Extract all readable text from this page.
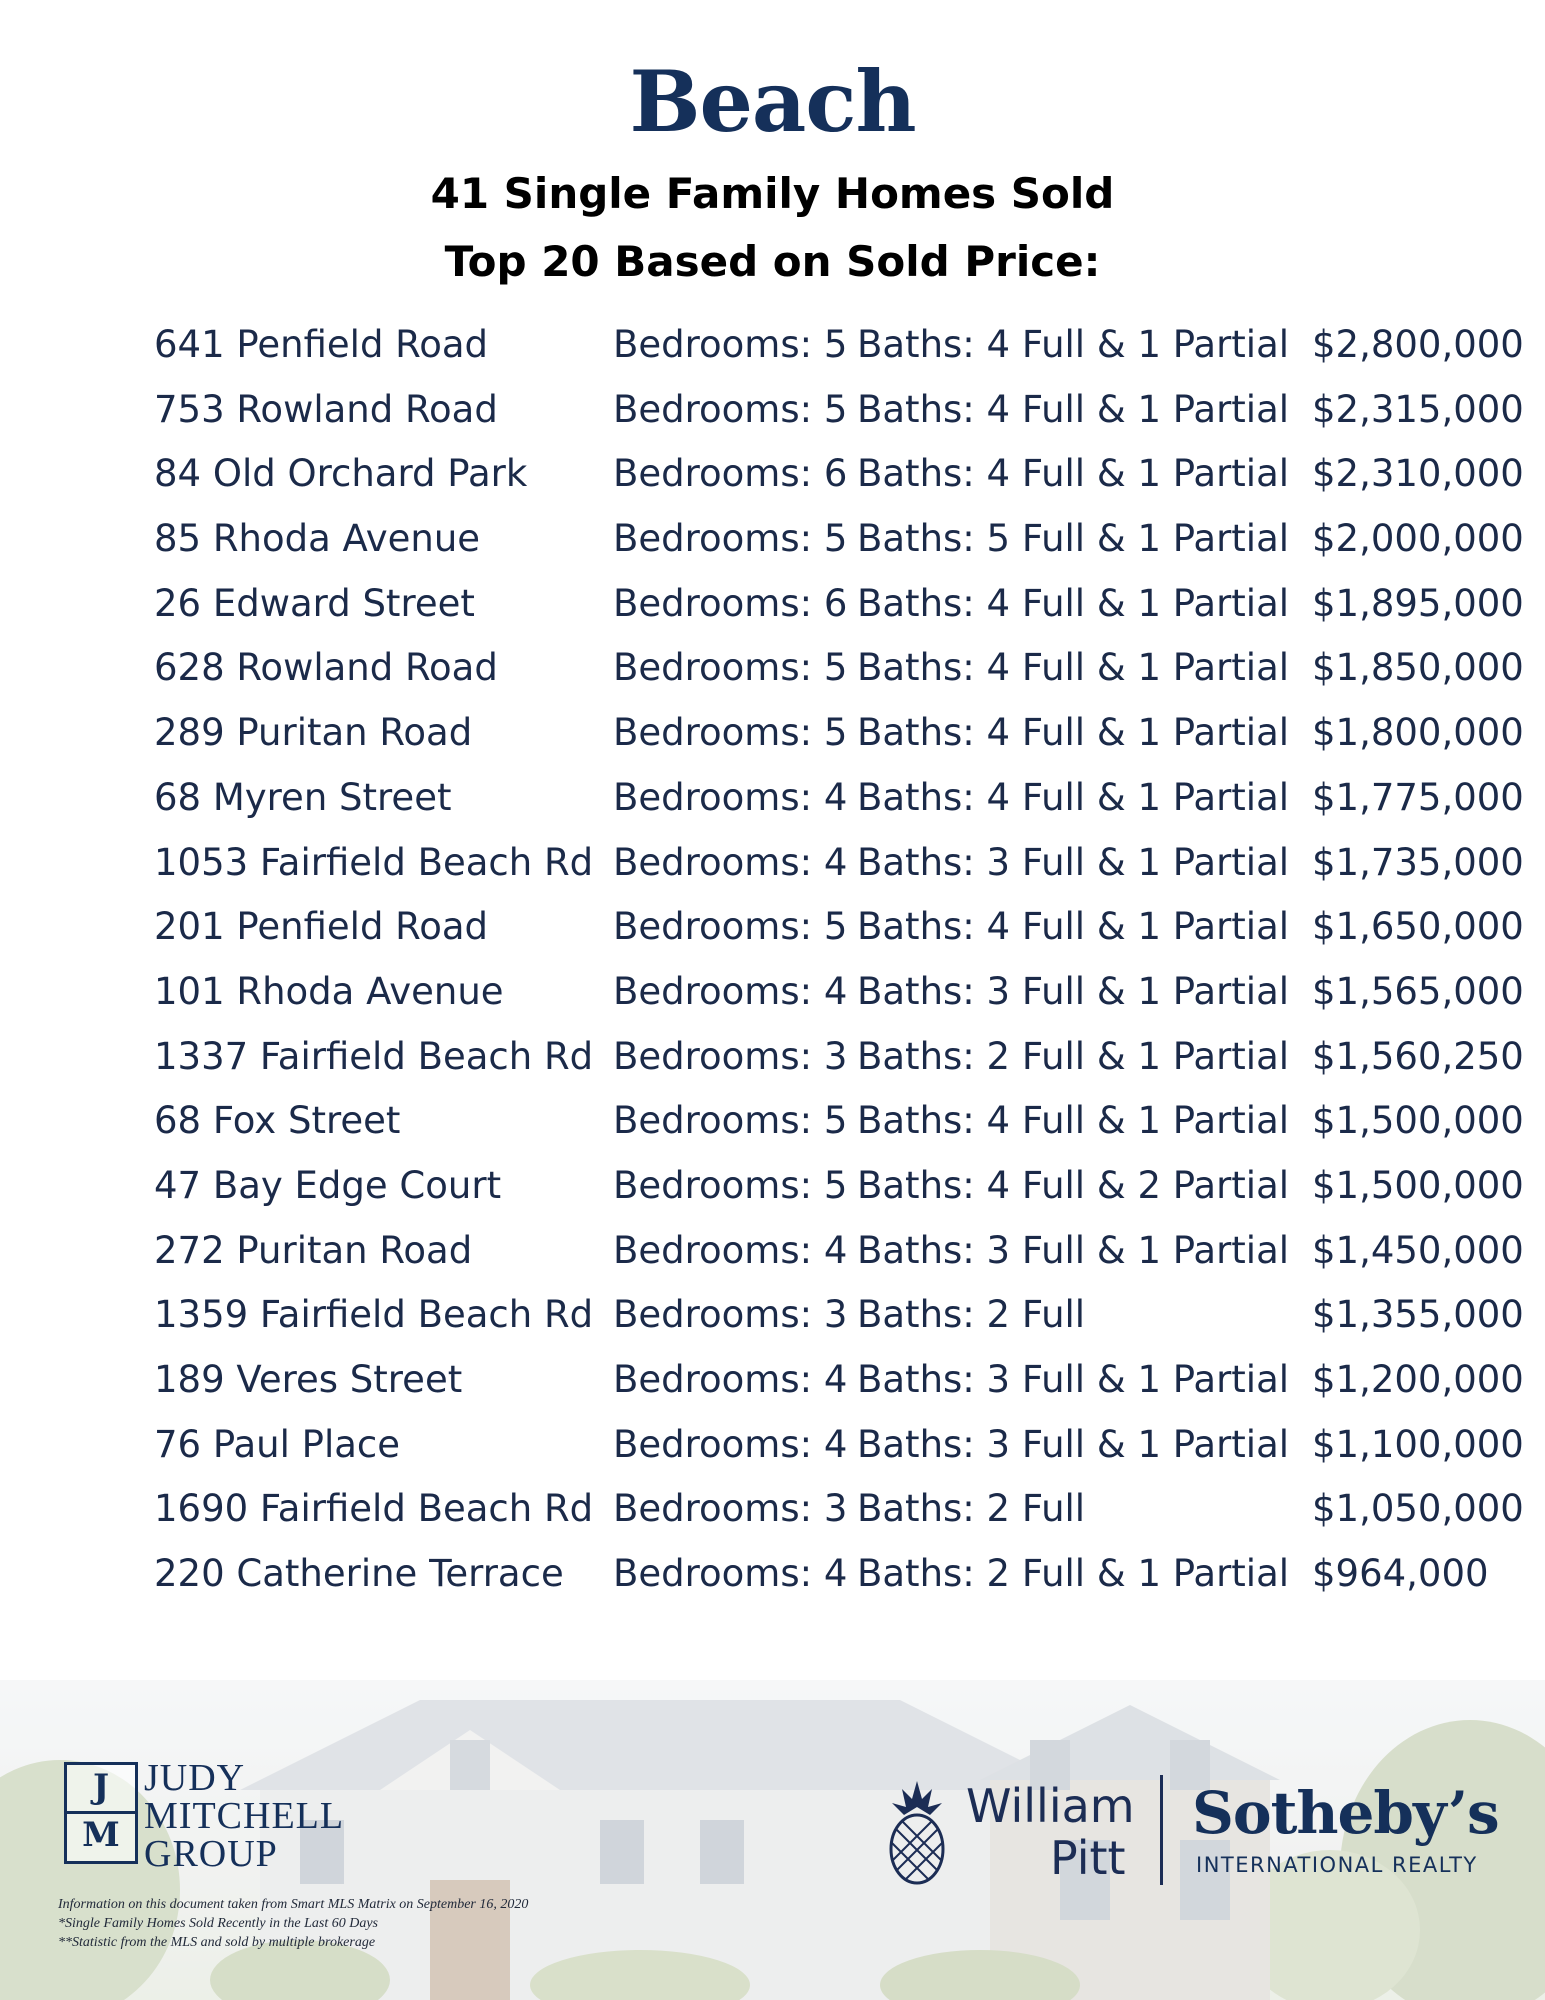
Beach
41 Single Family Homes Sold
Top 20 Based on Sold Price:
641 Penfield Road	Bedrooms: 5 Baths: 4 Full & 1 Partial $2,800,000
753 Rowland Road	Bedrooms: 5 Baths: 4 Full & 1 Partial $2,315,000
84 Old Orchard Park Bedrooms: 6 Baths: 4 Full & 1 Partial $2,310,000
85 Rhoda Avenue	Bedrooms: 5 Baths: 5 Full & 1 Partial $2,000,000
26 Edward Street	Bedrooms: 6 Baths: 4 Full & 1 Partial $1,895,000
628 Rowland Road	Bedrooms: 5 Baths: 4 Full & 1 Partial $1,850,000
289 Puritan Road	Bedrooms: 5 Baths: 4 Full & 1 Partial $1,800,000
68 Myren Street	Bedrooms: 4 Baths: 4 Full & 1 Partial $1,775,000
1053 Fairfield Beach Rd Bedrooms: 4 Baths: 3 Full & 1 Partial $1,735,000
201 Penfield Road	Bedrooms: 5 Baths: 4 Full & 1 Partial $1,650,000
101 Rhoda Avenue	Bedrooms: 4 Baths: 3 Full & 1 Partial $1,565,000
1337 Fairfield Beach Rd Bedrooms: 3 Baths: 2 Full & 1 Partial $1,560,250
68 Fox Street	Bedrooms: 5 Baths: 4 Full & 1 Partial $1,500,000
47 Bay Edge Court	Bedrooms: 5 Baths: 4 Full & 2 Partial $1,500,000
272 Puritan Road	Bedrooms: 4 Baths: 3 Full & 1 Partial $1,450,000
1359 Fairfield Beach Rd Bedrooms: 3 Baths: 2 Full	$1,355,000
189 Veres Street	Bedrooms: 4 Baths: 3 Full & 1 Partial $1,200,000
76 Paul Place	Bedrooms: 4 Baths: 3 Full & 1 Partial $1,100,000
1690 Fairfield Beach Rd Bedrooms: 3 Baths: 2 Full	$1,050,000
220 Catherine Terrace Bedrooms: 4 Baths: 2 Full & 1 Partial $964,000
J
M
JUDY
MITCHELL
GROUP
Information on this document taken from Smart MLS Matrix on September 16, 2020
*Single Family Homes Sold Recently in the Last 60 Days
**Statistic from the MLS and sold by multiple brokerage
William
Pitt
Sotheby’s
INTERNATIONAL REALTY
